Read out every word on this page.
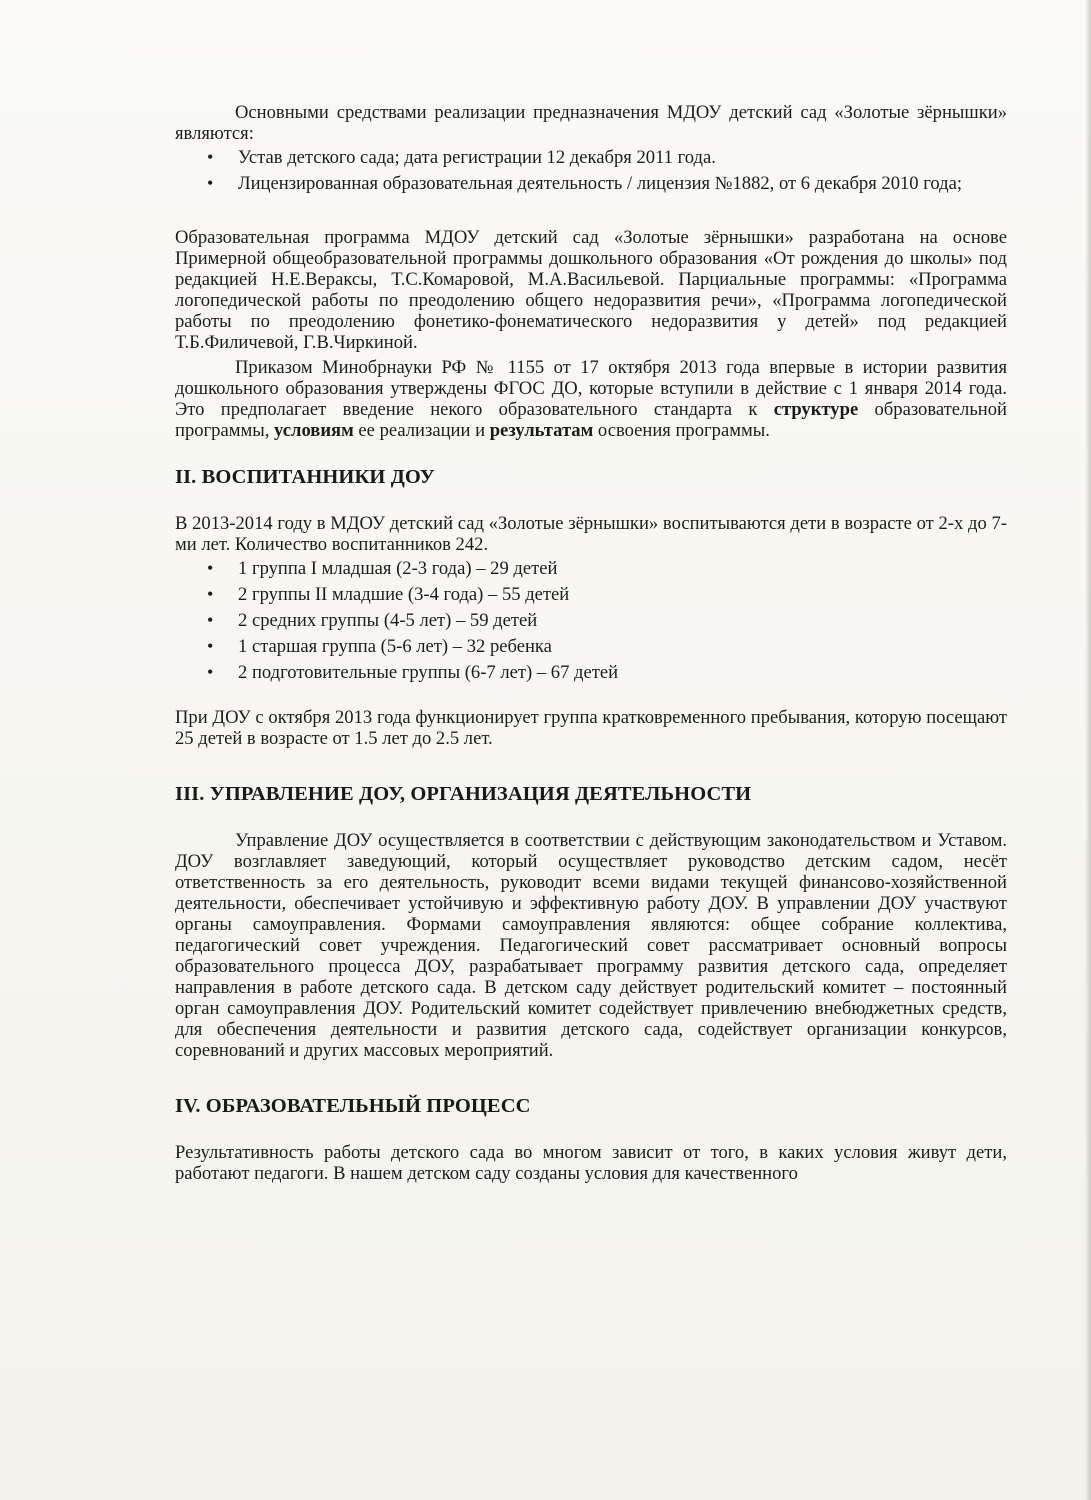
Основными средствами реализации предназначения МДОУ детский сад «Золотые зёрнышки» являются:

• Устав детского сада; дата регистрации 12 декабря 2011 года.
• Лицензированная образовательная деятельность / лицензия №1882, от 6 декабря 2010 года;

Образовательная программа МДОУ детский сад «Золотые зёрнышки» разработана на основе Примерной общеобразовательной программы дошкольного образования «От рождения до школы» под редакцией Н.Е.Вераксы, Т.С.Комаровой, М.А.Васильевой. Парциальные программы: «Программа логопедической работы по преодолению общего недоразвития речи», «Программа логопедической работы по преодолению фонетико-фонематического недоразвития у детей» под редакцией Т.Б.Филичевой, Г.В.Чиркиной.

Приказом Минобрнауки РФ № 1155 от 17 октября 2013 года впервые в истории развития дошкольного образования утверждены ФГОС ДО, которые вступили в действие с 1 января 2014 года. Это предполагает введение некого образовательного стандарта к структуре образовательной программы, условиям ее реализации и результатам освоения программы.

II. ВОСПИТАННИКИ ДОУ

В 2013-2014 году в МДОУ детский сад «Золотые зёрнышки» воспитываются дети в возрасте от 2-х до 7-ми лет. Количество воспитанников 242.

• 1 группа I младшая (2-3 года) – 29 детей
• 2 группы II младшие (3-4 года) – 55 детей
• 2 средних группы (4-5 лет) – 59 детей
• 1 старшая группа (5-6 лет) – 32 ребенка
• 2 подготовительные группы (6-7 лет) – 67 детей

При ДОУ с октября 2013 года функционирует группа кратковременного пребывания, которую посещают 25 детей в возрасте от 1.5 лет до 2.5 лет.

III. УПРАВЛЕНИЕ ДОУ, ОРГАНИЗАЦИЯ ДЕЯТЕЛЬНОСТИ

Управление ДОУ осуществляется в соответствии с действующим законодательством и Уставом. ДОУ возглавляет заведующий, который осуществляет руководство детским садом, несёт ответственность за его деятельность, руководит всеми видами текущей финансово-хозяйственной деятельности, обеспечивает устойчивую и эффективную работу ДОУ. В управлении ДОУ участвуют органы самоуправления. Формами самоуправления являются: общее собрание коллектива, педагогический совет учреждения. Педагогический совет рассматривает основный вопросы образовательного процесса ДОУ, разрабатывает программу развития детского сада, определяет направления в работе детского сада. В детском саду действует родительский комитет – постоянный орган самоуправления ДОУ. Родительский комитет содействует привлечению внебюджетных средств, для обеспечения деятельности и развития детского сада, содействует организации конкурсов, соревнований и других массовых мероприятий.

IV. ОБРАЗОВАТЕЛЬНЫЙ ПРОЦЕСС

Результативность работы детского сада во многом зависит от того, в каких условия живут дети, работают педагоги. В нашем детском саду созданы условия для качественного
